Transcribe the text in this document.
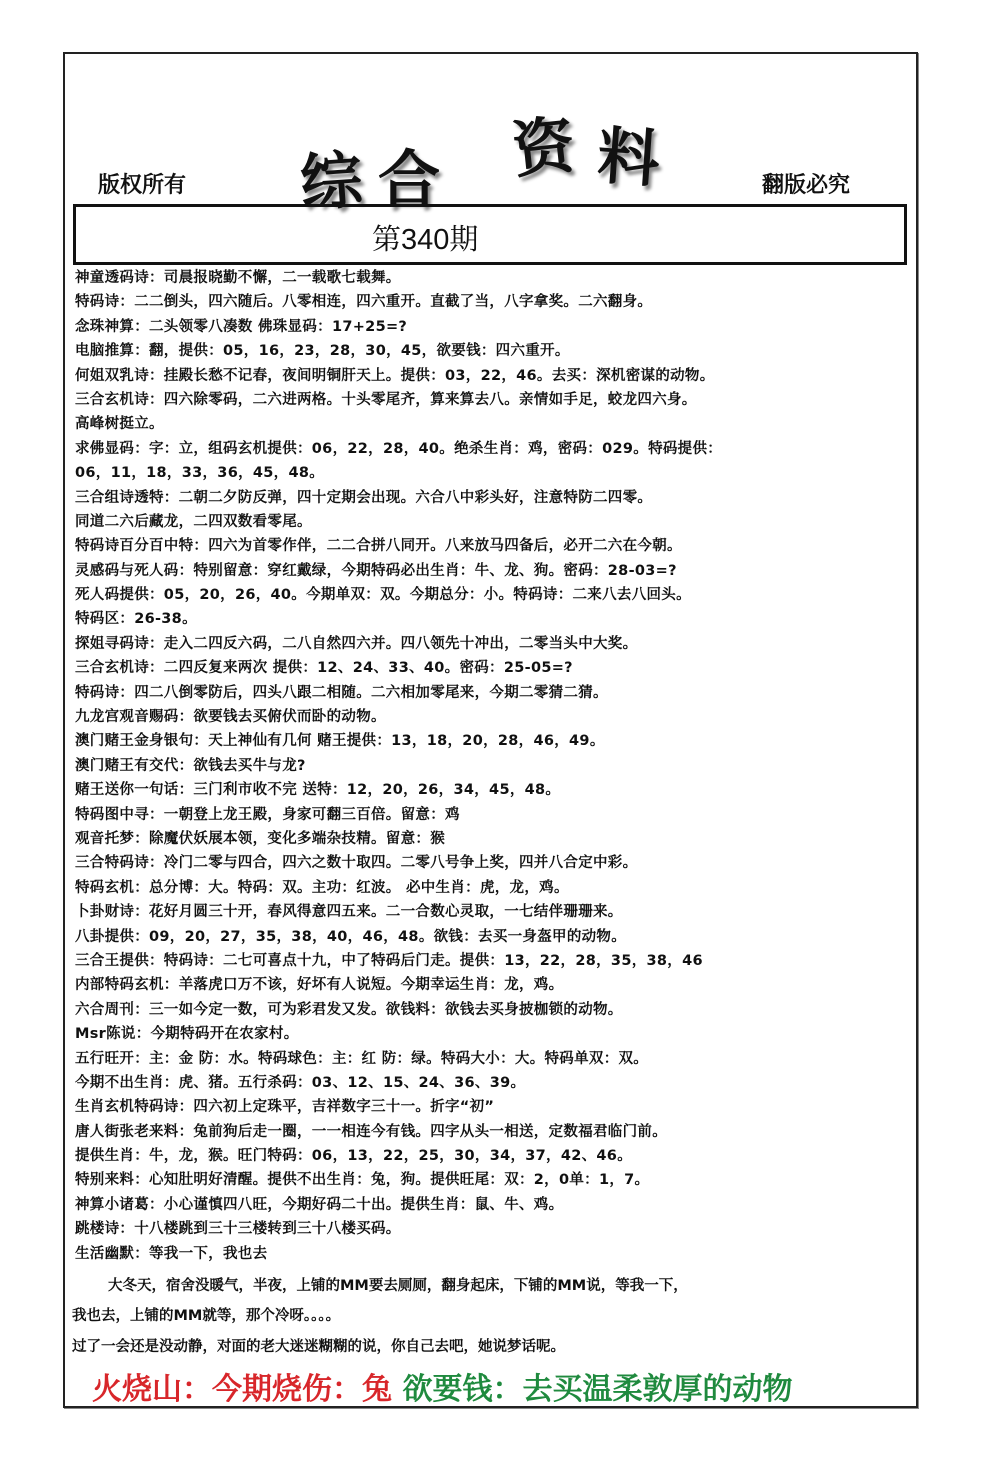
综 合 资 料
版权所有	翻版必究
第340期
神童透码诗：司晨报晓勤不懈，二一载歌七载舞。
特码诗：二二倒头，四六随后。八零相连，四六重开。直截了当，八字拿奖。二六翻身。
念珠神算：二头领零八凑数 佛珠显码：17+25=?
电脑推算：翻，提供：05，16，23，28，30，45，欲要钱：四六重开。
何姐双乳诗：挂殿长愁不记春，夜间明铜肝天上。提供：03，22，46。去买：深机密谋的动物。
三合玄机诗：四六除零码，二六进两格。十头零尾齐，算来算去八。亲情如手足，蛟龙四六身。
高峰树挺立。
求佛显码：字：立，组码玄机提供：06，22，28，40。绝杀生肖：鸡，密码：029。特码提供：
06，11，18，33，36，45，48。
三合组诗透特：二朝二夕防反弹，四十定期会出现。六合八中彩头好，注意特防二四零。
同道二六后藏龙，二四双数看零尾。
特码诗百分百中特：四六为首零作伴，二二合拼八同开。八来放马四备后，必开二六在今朝。
灵感码与死人码：特别留意：穿红戴绿，今期特码必出生肖：牛、龙、狗。密码：28-03=?
死人码提供：05，20，26，40。今期单双：双。今期总分：小。特码诗：二来八去八回头。
特码区：26-38。
探姐寻码诗：走入二四反六码，二八自然四六并。四八领先十冲出，二零当头中大奖。
三合玄机诗：二四反复来两次 提供：12、24、33、40。密码：25-05=?
特码诗：四二八倒零防后，四头八跟二相随。二六相加零尾来，今期二零猜二猜。
九龙宫观音赐码：欲要钱去买俯伏而卧的动物。
澳门赌王金身银句：天上神仙有几何 赌王提供：13，18，20，28，46，49。
澳门赌王有交代：欲钱去买牛与龙?
赌王送你一句话：三门利市收不完 送特：12，20，26，34，45，48。
特码图中寻：一朝登上龙王殿，身家可翻三百倍。留意：鸡
观音托梦：除魔伏妖展本领，变化多端杂技精。留意：猴
三合特码诗：冷门二零与四合，四六之数十取四。二零八号争上奖，四并八合定中彩。
特码玄机：总分博：大。特码：双。主功：红波。 必中生肖：虎，龙，鸡。
卜卦财诗：花好月圆三十开，春风得意四五来。二一合数心灵取，一七结伴珊珊来。
八卦提供：09，20，27，35，38，40，46，48。欲钱：去买一身盔甲的动物。
三合王提供：特码诗：二七可喜点十九，中了特码后门走。提供：13，22，28，35，38，46
内部特码玄机：羊落虎口万不该，好坏有人说短。今期幸运生肖：龙，鸡。
六合周刊：三一如今定一数，可为彩君发又发。欲钱料：欲钱去买身披枷锁的动物。
Msr陈说：今期特码开在农家村。
五行旺开：主：金 防：水。特码球色：主：红 防：绿。特码大小：大。特码单双：双。
今期不出生肖：虎、猪。五行杀码：03、12、15、24、36、39。
生肖玄机特码诗：四六初上定珠平，吉祥数字三十一。折字“初”
唐人街张老来料：兔前狗后走一圈，一一相连今有钱。四字从头一相送，定数福君临门前。
提供生肖：牛，龙，猴。旺门特码：06，13，22，25，30，34，37，42、46。
特别来料：心知肚明好清醒。提供不出生肖：兔，狗。提供旺尾：双：2，0单：1，7。
神算小诸葛：小心谨慎四八旺，今期好码二十出。提供生肖：鼠、牛、鸡。
跳楼诗：十八楼跳到三十三楼转到三十八楼买码。
生活幽默：等我一下，我也去
大冬天，宿舍没暖气，半夜，上铺的MM要去厕厕，翻身起床，下铺的MM说，等我一下，
我也去，上铺的MM就等，那个冷呀。。。。
过了一会还是没动静，对面的老大迷迷糊糊的说，你自己去吧，她说梦话呢。
火烧山：今期烧伤：兔 欲要钱：去买温柔敦厚的动物
